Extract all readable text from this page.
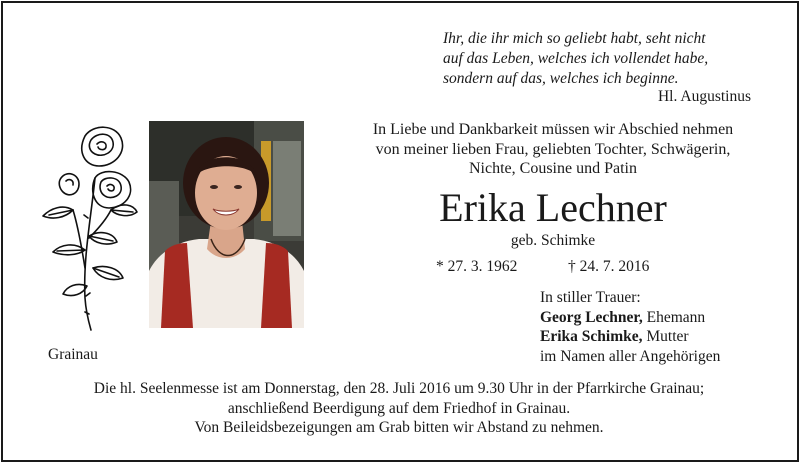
Ihr, die ihr mich so geliebt habt, seht nicht
auf das Leben, welches ich vollendet habe,
sondern auf das, welches ich beginne.
Hl. Augustinus
In Liebe und Dankbarkeit müssen wir Abschied nehmen
von meiner lieben Frau, geliebten Tochter, Schwägerin,
Nichte, Cousine und Patin
Erika Lechner
geb. Schimke
* 27. 3. 1962	† 24. 7. 2016
In stiller Trauer:
Georg Lechner, Ehemann
Erika Schimke, Mutter
im Namen aller Angehörigen
Grainau
Die hl. Seelenmesse ist am Donnerstag, den 28. Juli 2016 um 9.30 Uhr in der Pfarrkirche Grainau;
anschließend Beerdigung auf dem Friedhof in Grainau.
Von Beileidsbezeigungen am Grab bitten wir Abstand zu nehmen.
